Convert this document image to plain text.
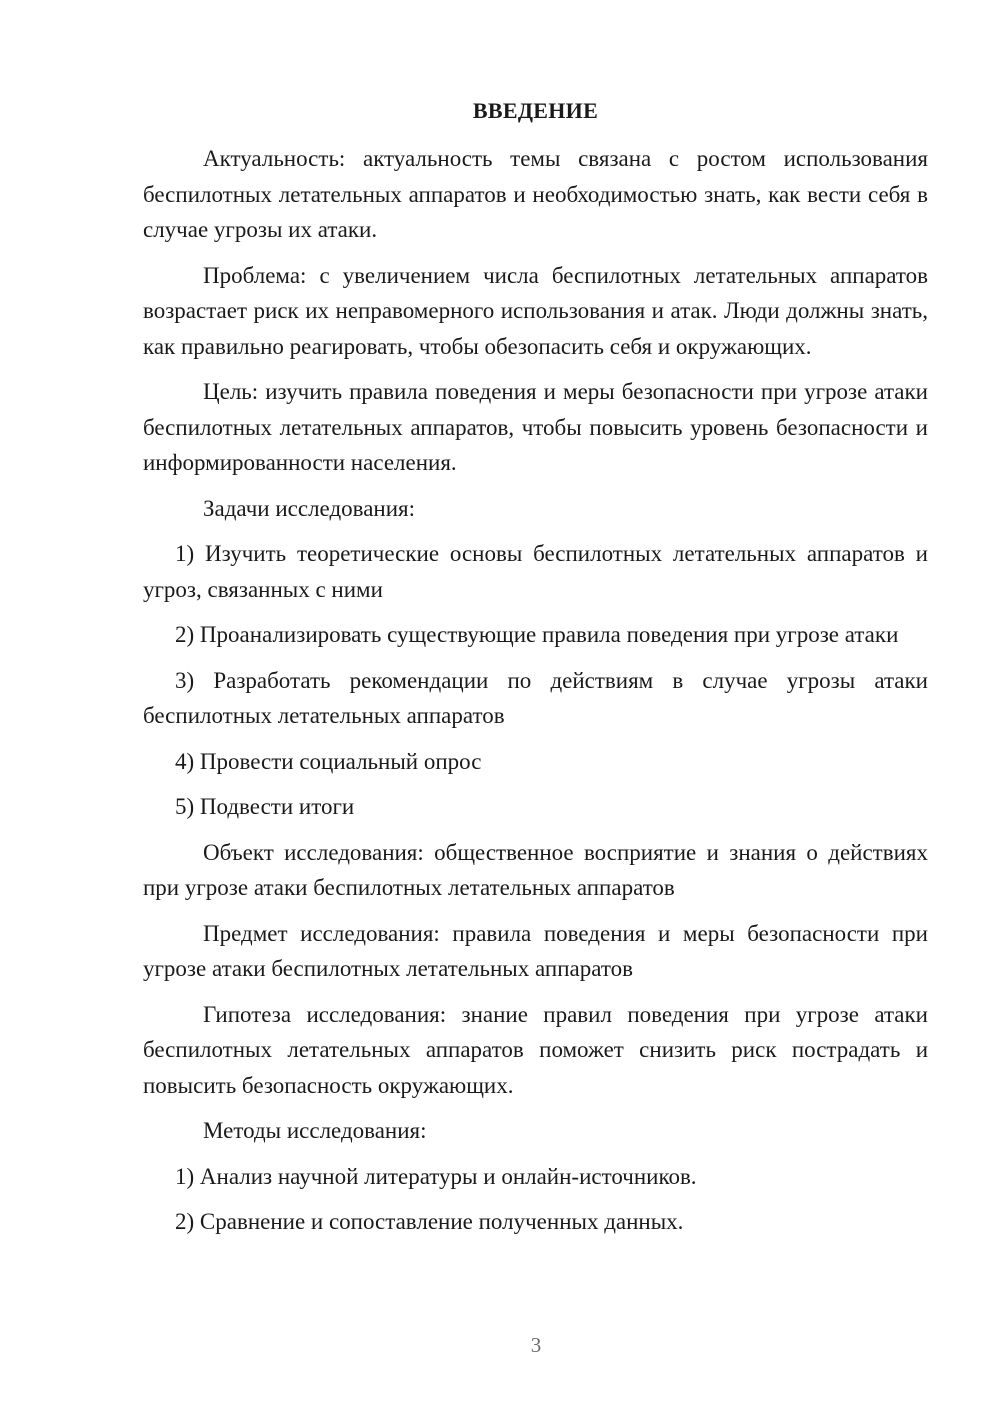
ВВЕДЕНИЕ

Актуальность: актуальность темы связана с ростом использования беспилотных летательных аппаратов и необходимостью знать, как вести себя в случае угрозы их атаки.

Проблема: с увеличением числа беспилотных летательных аппаратов возрастает риск их неправомерного использования и атак. Люди должны знать, как правильно реагировать, чтобы обезопасить себя и окружающих.

Цель: изучить правила поведения и меры безопасности при угрозе атаки беспилотных летательных аппаратов, чтобы повысить уровень безопасности и информированности населения.

Задачи исследования:

1) Изучить теоретические основы беспилотных летательных аппаратов и угроз, связанных с ними

2) Проанализировать существующие правила поведения при угрозе атаки

3) Разработать рекомендации по действиям в случае угрозы атаки беспилотных летательных аппаратов

4) Провести социальный опрос

5) Подвести итоги

Объект исследования: общественное восприятие и знания о действиях при угрозе атаки беспилотных летательных аппаратов

Предмет исследования: правила поведения и меры безопасности при угрозе атаки беспилотных летательных аппаратов

Гипотеза исследования: знание правил поведения при угрозе атаки беспилотных летательных аппаратов поможет снизить риск пострадать и повысить безопасность окружающих.

Методы исследования:

1) Анализ научной литературы и онлайн-источников.

2) Сравнение и сопоставление полученных данных.

3
